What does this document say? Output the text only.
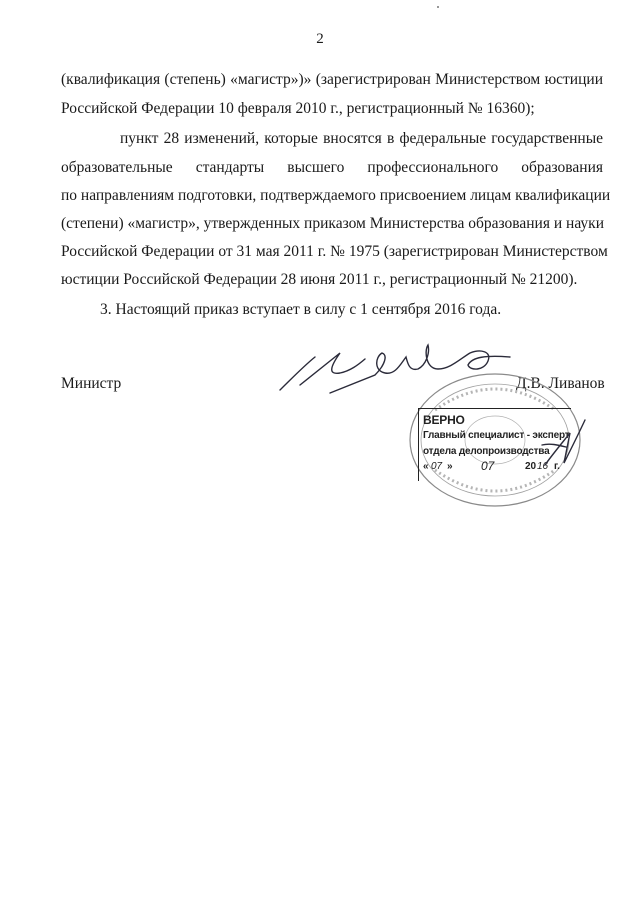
2
(квалификация (степень) «магистр»)» (зарегистрирован Министерством юстиции
Российской Федерации 10 февраля 2010 г., регистрационный № 16360);
пункт 28 изменений, которые вносятся в федеральные государственные
образовательные стандарты высшего профессионального образования
по направлениям подготовки, подтверждаемого присвоением лицам квалификации
(степени) «магистр», утвержденных приказом Министерства образования и науки
Российской Федерации от 31 мая 2011 г. № 1975 (зарегистрирован Министерством
юстиции Российской Федерации 28 июня 2011 г., регистрационный № 21200).
3. Настоящий приказ вступает в силу с 1 сентября 2016 года.
Министр	Д.В. Ливанов
ВЕРНО
Главный специалист - эксперт
отдела делопроизводства
« 07 » 07	20 16 г.
